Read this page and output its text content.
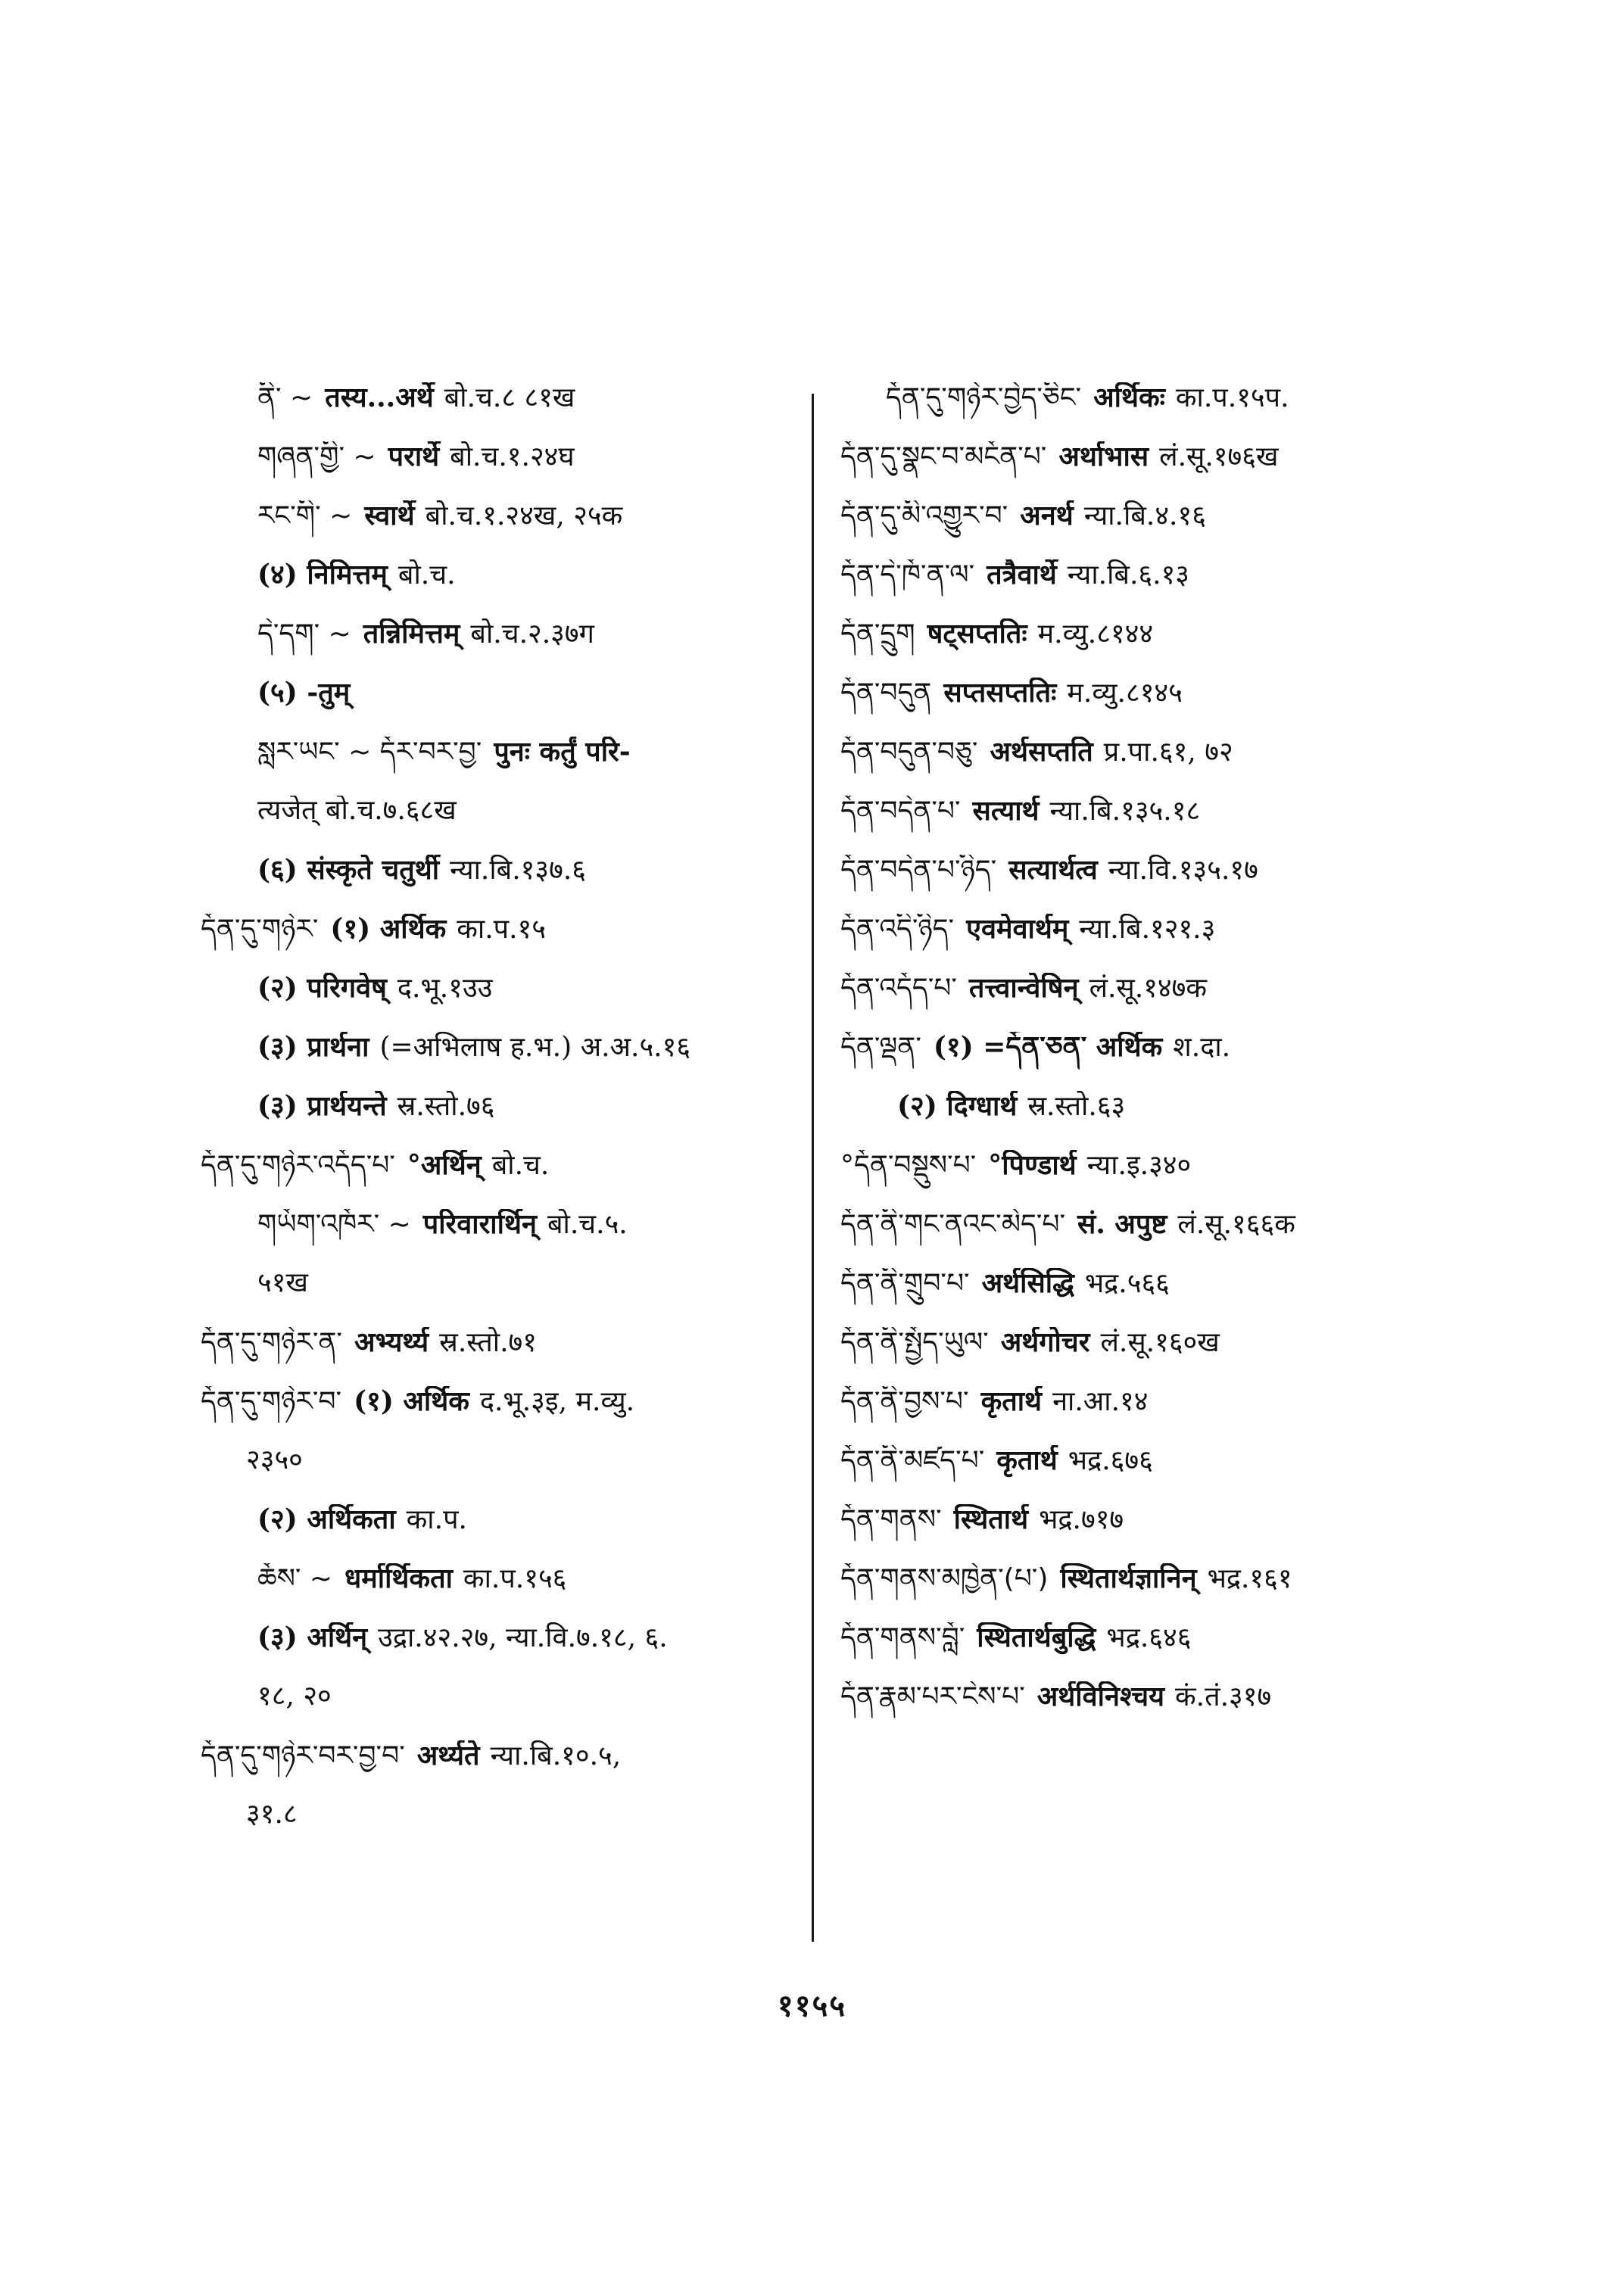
ནི་ ~ तस्य...अर्थे बो.च.८ ८१ख
གཞན་གྱི་ ~ परार्थे बो.च.१.२४घ
རང་གི་ ~ स्वार्थे बो.च.१.२४ख, २५क
(४) निमित्तम् बो.च.
དེ་དག་ ~ तन्निमित्तम् बो.च.२.३७ग
(५) -तुम्
སླར་ཡང་ ~ དོར་བར་བྱ་ पुनः कर्तुं परि-
त्यजेत् बो.च.७.६८ख
(६) संस्कृते चतुर्थी न्या.बि.१३७.६
དོན་དུ་གཉེར་ (१) अर्थिक का.प.१५
(२) परिगवेष् द.भू.१उउ
(३) प्रार्थना (=अभिलाष ह.भ.) अ.अ.५.१६
(३) प्रार्थयन्ते स्र.स्तो.७६
དོན་དུ་གཉེར་འདོད་པ་ °अर्थिन् बो.च.
གཡོག་འཁོར་ ~ परिवारार्थिन् बो.च.५.
५१ख
དོན་དུ་གཉེར་ན་ अभ्यर्थ्य स्र.स्तो.७१
དོན་དུ་གཉེར་བ་ (१) अर्थिक द.भू.३इ, म.व्यु.
२३५०
(२) अर्थिकता का.प.
ཆོས་ ~ धर्मार्थिकता का.प.१५६
(३) अर्थिन् उद्रा.४२.२७, न्या.वि.७.१८, ६.
१८, २०
དོན་དུ་གཉེར་བར་བྱ་བ་ अर्थ्यते न्या.बि.१०.५,
३१.८
དོན་དུ་གཉེར་བྱེད་ཅིང་ अर्थिकः का.प.१५प.
དོན་དུ་སྣང་བ་མངོན་པ་ अर्थाभास लं.सू.१७६ख
དོན་དུ་མི་འགྱུར་བ་ अनर्थ न्या.बि.४.१६
དོན་དེ་ཁོ་ན་ལ་ तत्रैवार्थे न्या.बि.६.१३
དོན་དྲུག षट्सप्ततिः म.व्यु.८१४४
དོན་བདུན सप्तसप्ततिः म.व्यु.८१४५
དོན་བདུན་བཅུ་ अर्थसप्तति प्र.पा.६१, ७२
དོན་བདེན་པ་ सत्यार्थ न्या.बि.१३५.१८
དོན་བདེན་པ་ཉིད་ सत्यार्थत्व न्या.वि.१३५.१७
དོན་འདི་ཉིད་ एवमेवार्थम् न्या.बि.१२१.३
དོན་འདོད་པ་ तत्त्वान्वेषिन् लं.सू.१४७क
དོན་ལྡན་ (१) =དོན་ཅན་ अर्थिक श.दा.
(२) दिग्धार्थ स्र.स्तो.६३
°དོན་བསྡུས་པ་ °पिण्डार्थ न्या.इ.३४०
དོན་ནི་གང་ནའང་མེད་པ་ सं. अपुष्ट लं.सू.१६६क
དོན་ནི་གྲུབ་པ་ अर्थसिद्धि भद्र.५६६
དོན་ནི་སྤྱོད་ཡུལ་ अर्थगोचर लं.सू.१६०ख
དོན་ནི་བྱས་པ་ कृतार्थ ना.आ.१४
དོན་ནི་མཛད་པ་ कृतार्थ भद्र.६७६
དོན་གནས་ स्थितार्थ भद्र.७१७
དོན་གནས་མཁྱེན་(པ་) स्थितार्थज्ञानिन् भद्र.१६१
དོན་གནས་བློ་ स्थितार्थबुद्धि भद्र.६४६
དོན་རྣམ་པར་ངེས་པ་ अर्थविनिश्चय कं.तं.३१७
११५५
